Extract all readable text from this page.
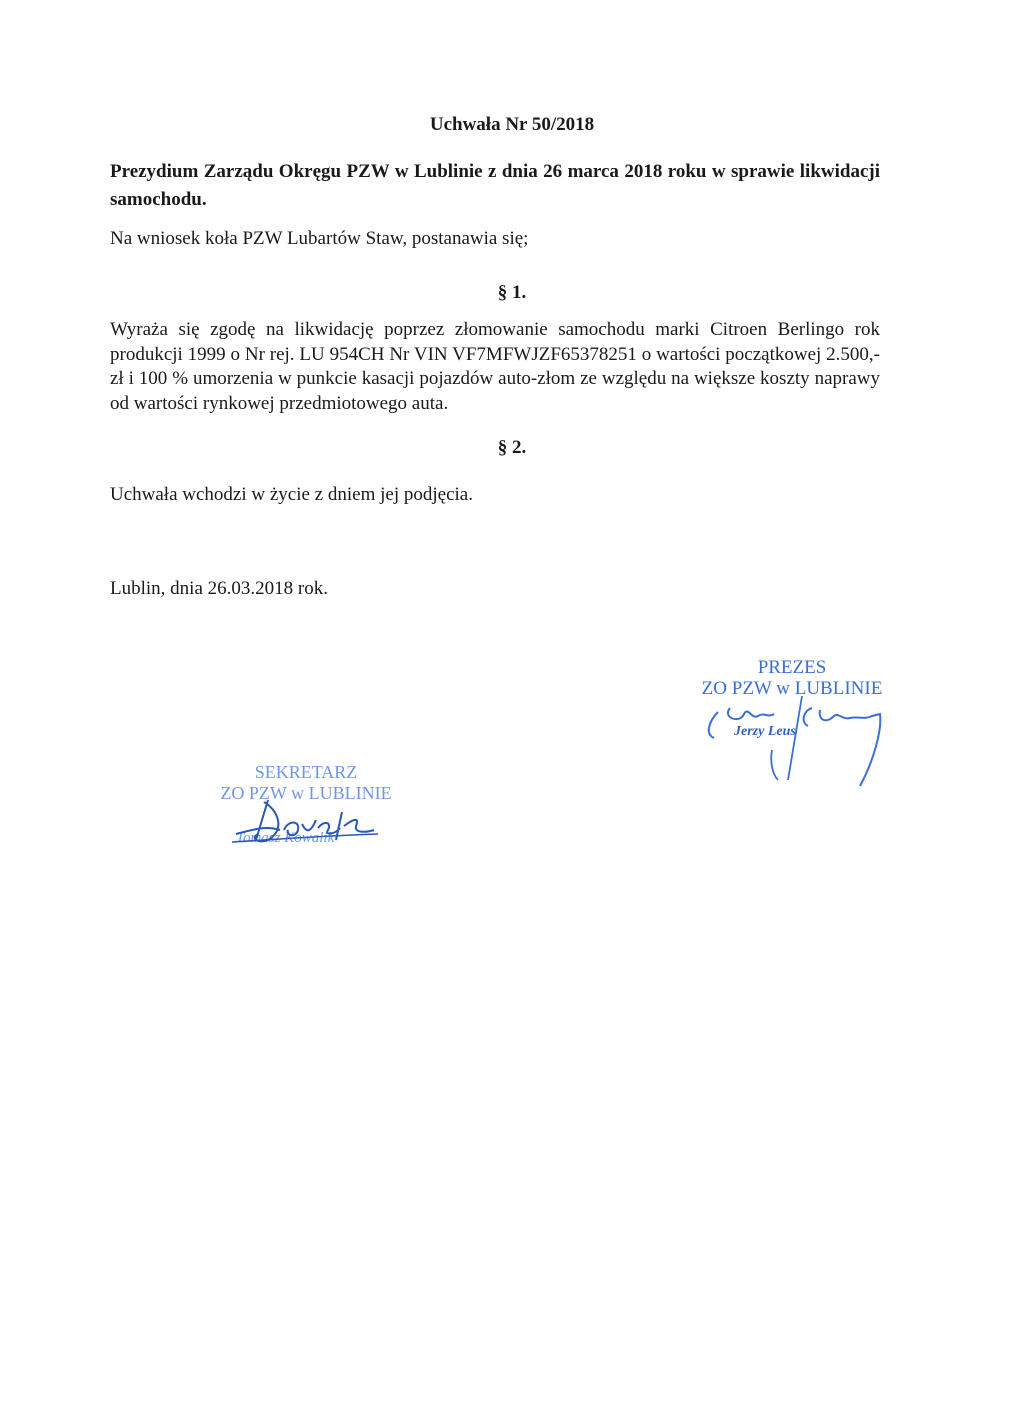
Uchwała Nr 50/2018
Prezydium Zarządu Okręgu PZW w Lublinie z dnia 26 marca 2018 roku w sprawie likwidacji samochodu.
Na wniosek koła PZW Lubartów Staw, postanawia się;
§ 1.
Wyraża się zgodę na likwidację poprzez złomowanie samochodu marki Citroen Berlingo rok produkcji 1999 o Nr rej. LU 954CH Nr VIN VF7MFWJZF65378251 o wartości początkowej 2.500,- zł i 100 % umorzenia w punkcie kasacji pojazdów auto-złom ze względu na większe koszty naprawy od wartości rynkowej przedmiotowego auta.
§ 2.
Uchwała wchodzi w życie z dniem jej podjęcia.
Lublin, dnia 26.03.2018 rok.
PREZES
ZO PZW w LUBLINIE
Jerzy Leus
SEKRETARZ
ZO PZW w LUBLINIE
Tomasz Kowalik
